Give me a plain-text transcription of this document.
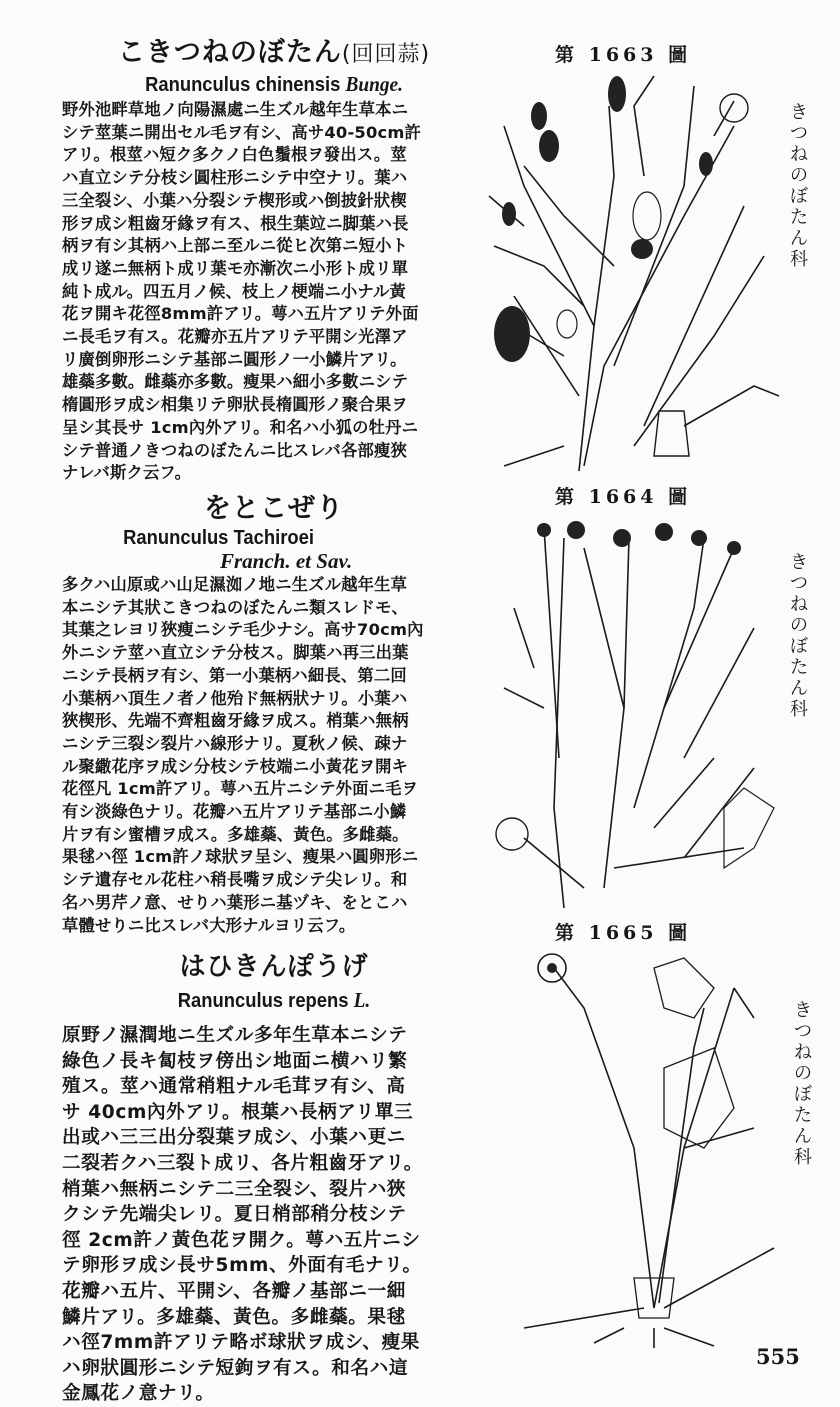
こきつねのぼたん(回回蒜)
Ranunculus chinensis Bunge.
野外池畔草地ノ向陽濕處ニ生ズル越年生草本ニ
シテ莖葉ニ開出セル毛ヲ有シ、高サ40-50cm許
アリ。根莖ハ短ク多クノ白色鬚根ヲ發出ス。莖
ハ直立シテ分枝シ圓柱形ニシテ中空ナリ。葉ハ
三全裂シ、小葉ハ分裂シテ楔形或ハ倒披針狀楔
形ヲ成シ粗齒牙緣ヲ有ス、根生葉竝ニ脚葉ハ長
柄ヲ有シ其柄ハ上部ニ至ルニ從ヒ次第ニ短小ト
成リ遂ニ無柄ト成リ葉モ亦漸次ニ小形ト成リ單
純ト成ル。四五月ノ候、枝上ノ梗端ニ小ナル黃
花ヲ開キ花徑8mm許アリ。萼ハ五片アリテ外面
ニ長毛ヲ有ス。花瓣亦五片アリテ平開シ光澤ア
リ廣倒卵形ニシテ基部ニ圓形ノ一小鱗片アリ。
雄蘂多數。雌蘂亦多數。瘦果ハ細小多數ニシテ
楕圓形ヲ成シ相集リテ卵狀長楕圓形ノ聚合果ヲ
呈シ其長サ 1cm內外アリ。和名ハ小狐の牡丹ニ
シテ普通ノきつねのぼたんニ比スレバ各部瘦狹
ナレバ斯ク云フ。
をとこぜり
Ranunculus Tachiroei
Franch. et Sav.
多クハ山原或ハ山足濕洳ノ地ニ生ズル越年生草
本ニシテ其狀こきつねのぼたんニ類スレドモ、
其葉之レヨリ狹瘦ニシテ毛少ナシ。高サ70cm內
外ニシテ莖ハ直立シテ分枝ス。脚葉ハ再三出葉
ニシテ長柄ヲ有シ、第一小葉柄ハ細長、第二回
小葉柄ハ頂生ノ者ノ他殆ド無柄狀ナリ。小葉ハ
狹楔形、先端不齊粗齒牙緣ヲ成ス。梢葉ハ無柄
ニシテ三裂シ裂片ハ線形ナリ。夏秋ノ候、疎ナ
ル聚繖花序ヲ成シ分枝シテ枝端ニ小黃花ヲ開キ
花徑凡 1cm許アリ。萼ハ五片ニシテ外面ニ毛ヲ
有シ淡綠色ナリ。花瓣ハ五片アリテ基部ニ小鱗
片ヲ有シ蜜槽ヲ成ス。多雄蘂、黃色。多雌蘂。
果毬ハ徑 1cm許ノ球狀ヲ呈シ、瘦果ハ圓卵形ニ
シテ遺存セル花柱ハ稍長嘴ヲ成シテ尖レリ。和
名ハ男芹ノ意、せりハ葉形ニ基ヅキ、をとこハ
草體せりニ比スレバ大形ナルヨリ云フ。
はひきんぽうげ
Ranunculus repens L.
原野ノ濕潤地ニ生ズル多年生草本ニシテ
綠色ノ長キ匐枝ヲ傍出シ地面ニ横ハリ繁
殖ス。莖ハ通常稍粗ナル毛茸ヲ有シ、高
サ 40cm內外アリ。根葉ハ長柄アリ單三
出或ハ三三出分裂葉ヲ成シ、小葉ハ更ニ
二裂若クハ三裂ト成リ、各片粗齒牙アリ。
梢葉ハ無柄ニシテ二三全裂シ、裂片ハ狹
クシテ先端尖レリ。夏日梢部稍分枝シテ
徑 2cm許ノ黃色花ヲ開ク。萼ハ五片ニシ
テ卵形ヲ成シ長サ5mm、外面有毛ナリ。
花瓣ハ五片、平開シ、各瓣ノ基部ニ一細
鱗片アリ。多雄蘂、黃色。多雌蘂。果毬
ハ徑7mm許アリテ略ボ球狀ヲ成シ、瘦果
ハ卵狀圓形ニシテ短鉤ヲ有ス。和名ハ這
金鳳花ノ意ナリ。
第 1663 圖
第 1664 圖
第 1665 圖
き
つ
ね
の
ぼ
た
ん
科
き
つ
ね
の
ぼ
た
ん
科
き
つ
ね
の
ぼ
た
ん
科
555
